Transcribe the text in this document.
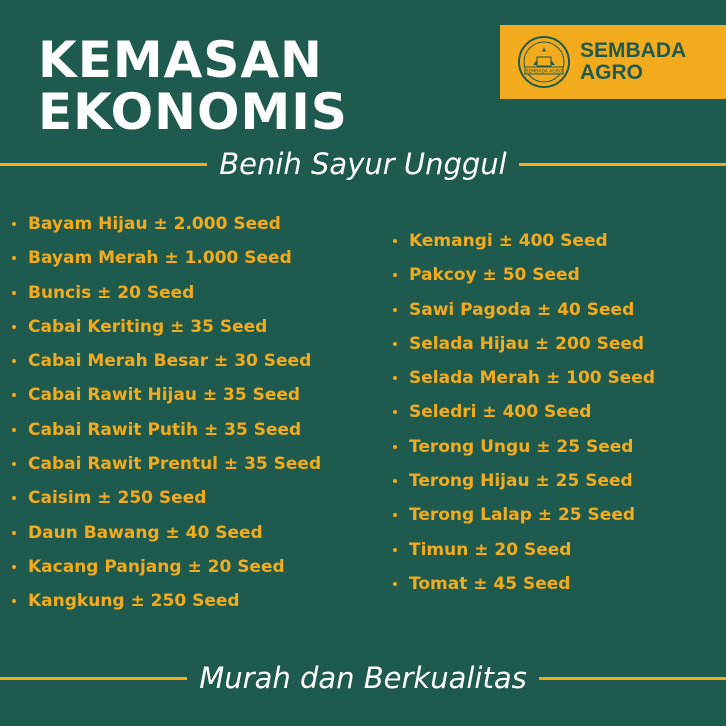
KEMASAN
EKONOMIS
SEMBADA AGRO
SEMBADA
AGRO
Benih Sayur Unggul
Bayam Hijau ± 2.000 Seed
Bayam Merah ± 1.000 Seed
Buncis ± 20 Seed
Cabai Keriting ± 35 Seed
Cabai Merah Besar ± 30 Seed
Cabai Rawit Hijau ± 35 Seed
Cabai Rawit Putih ± 35 Seed
Cabai Rawit Prentul ± 35 Seed
Caisim ± 250 Seed
Daun Bawang ± 40 Seed
Kacang Panjang ± 20 Seed
Kangkung ± 250 Seed
Kemangi ± 400 Seed
Pakcoy ± 50 Seed
Sawi Pagoda ± 40 Seed
Selada Hijau ± 200 Seed
Selada Merah ± 100 Seed
Seledri ± 400 Seed
Terong Ungu ± 25 Seed
Terong Hijau ± 25 Seed
Terong Lalap ± 25 Seed
Timun ± 20 Seed
Tomat ± 45 Seed
Murah dan Berkualitas
